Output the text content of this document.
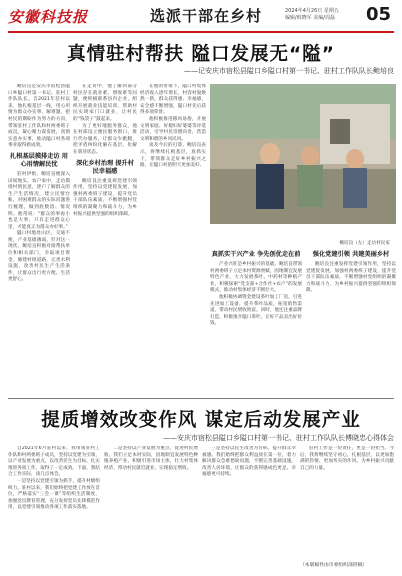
安徽科技报	选派干部在乡村	2024年4月26日 星期五
编辑/韩晓军 美编/周磊	05
真情驻村帮扶 隘口发展无“隘”
——记安庆市宿松县隘口乡隘口村第一书记、驻村工作队队长鲍培良

鲍培良是安庆市宿松县隘口乡隘口村第一书记、驻村工作队队长。自2021年驻村以来，他扎根基层一线，用心用情为群众办实事、解难题，把村民的期盼作为努力的方向，带领驻村工作队和村两委班子成员，凝心聚力谋发展，真情实意办实事，推动隘口村各项事业取得新成效。

扎根基层摸排走访 用心用情解民忧

驻村伊始，鲍培良便深入田间地头、农户家中，走访摸排村情民意，逐户了解群众的生产生活情况，建立民情台账，对困难群众的实际问题进行梳理，做到底数清、情况明。他常说：“群众的事再小也是大事，只有走进群众心里，才能真正为群众办好事。”

隘口村地处山区，交通不便，产业基础薄弱。针对这一现状，鲍培良积极对接帮扶单位和相关部门，争取项目资金，修建村组道路，完善水利设施，改善村民生产生活条件，让群众出行更方便、生活更舒心。

在走访中，他了解到部分村民存在就业难、增收难等问题，便积极联系县内企业，组织开展就业技能培训，帮助村民实现家门口就业，让村民的“钱袋子”鼓起来。

为了更好地服务群众，他在村部设立便民服务窗口，推行代办服务，让群众少跑腿，把矛盾纠纷化解在基层，化解在萌芽状态。

深化乡村治理 提升村民幸福感

鲍培良注重发挥党建引领作用，坚持以党建促发展，加强村两委班子建设，提升党员干部队伍素质，不断增强村党组织的凝聚力和战斗力，为乡村振兴提供坚强的组织保障。

在他的带领下，隘口村集体经济收入逐年增长，村容村貌焕然一新，群众获得感、幸福感、安全感不断增强，隘口村先后获得多项荣誉。

他积极推进移风易俗，开展文明家庭、好媳妇好婆婆等评选活动，引导村民崇德向善，营造文明和谐的乡风民风。

谈及今后的打算，鲍培良表示，将继续扎根基层，真抓实干，带领群众走好乡村振兴之路，让隘口村的明天更加美好。

鲍培良（左）走访村民家
真抓实干兴产业 争先创优走在前

产业兴旺是乡村振兴的基础。鲍培良带领村两委班子立足本村资源禀赋，因地制宜发展特色产业，大力发展茶叶、中药材等种植产业，积极探索“党支部+合作社+农户”的发展模式，推动村集体经济不断壮大。

他积极协调资金建设茶叶加工厂房，引进先进加工设备，提升茶叶品质，拓宽销售渠道，带动村民增收致富。同时，他还注重品牌打造，积极推介隘口茶叶，让好产品卖出好价钱。

强化党建引领 共建美丽乡村

鲍培良注重发挥党建引领作用，坚持以党建促发展，加强村两委班子建设，提升党员干部队伍素质，不断增强村党组织的凝聚力和战斗力，为乡村振兴提供坚强的组织保障。

提质增效改变作风 谋定后动发展产业
——安庆市宿松县隘口乡隘口村第一书记、驻村工作队队长傅晓忠心得体会

自2021年6月驻村以来，我带领驻村工作队和村两委班子成员，坚持以党建为引领，以产业发展为重点，以改善民生为目标，扎实推进各项工作，取得了一定成效。下面，我结合工作实际，谈几点体会。

一是坚持以党建引领为抓手，提升村级组织力。驻村以来，我们始终把党建工作放在首位，严格落实“三会一课”等组织生活制度，加强党员教育管理，充分发挥党员先锋模范作用，以党建引领推动各项工作落实落地。

二是坚持以产业发展为重点，促进村民增收。我们立足本村实际，因地制宜发展特色种植养殖产业，积极引进市场主体，壮大村集体经济，带动村民就近就业，实现稳定增收。

三是坚持以民生改善为目标，提升群众幸福感。我们始终把群众利益放在第一位，着力解决群众急难愁盼问题，不断完善基础设施，改善人居环境，让群众的获得感成色更足、幸福感更可持续。

驻村工作是一份责任，更是一份担当。今后，我将继续坚守初心，扎根基层，以更加饱满的热情、更加务实的作风，为乡村振兴贡献自己的力量。

（本版稿件由市委组织部供稿）
